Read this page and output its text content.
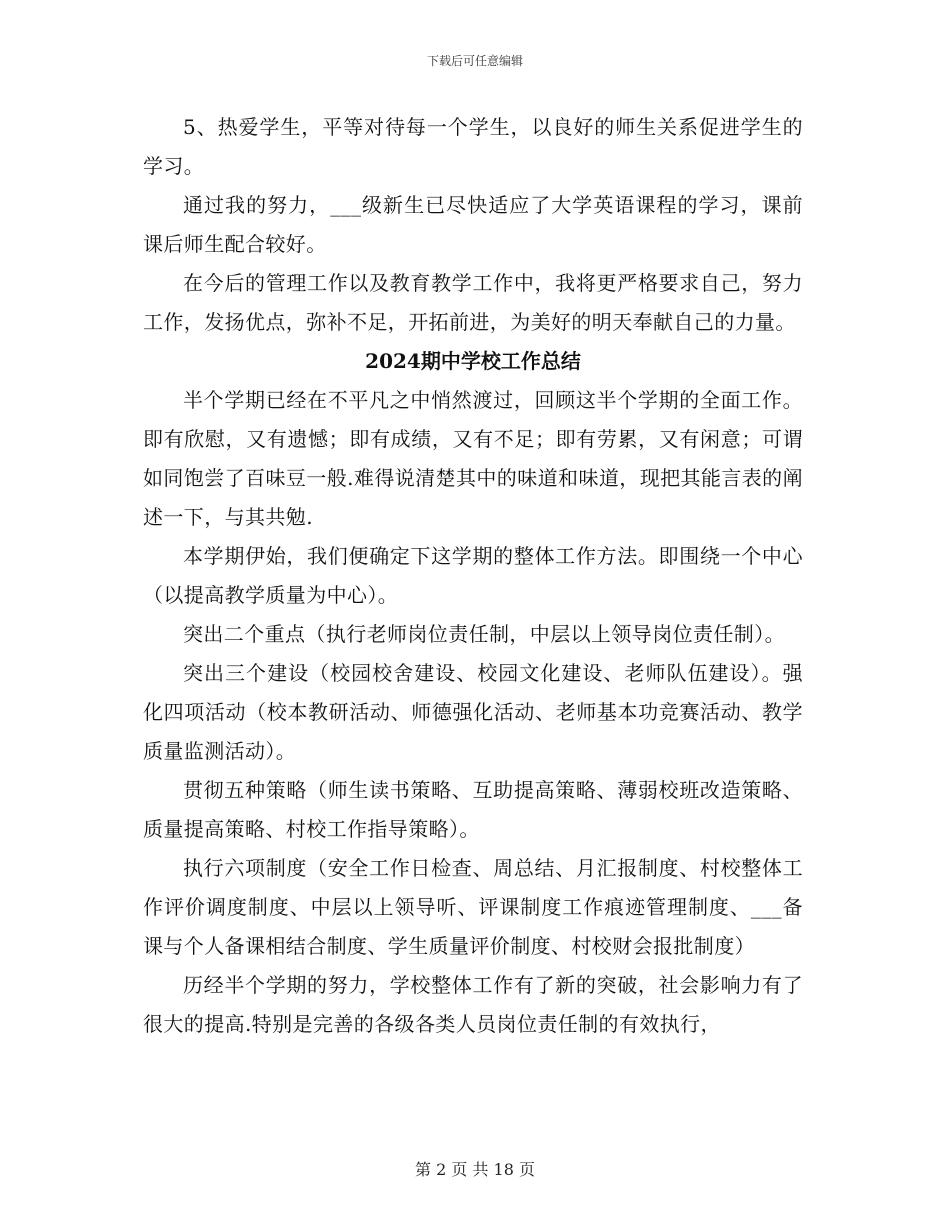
下载后可任意编辑

5、热爱学生，平等对待每一个学生，以良好的师生关系促进学生的学习。

通过我的努力，___级新生已尽快适应了大学英语课程的学习，课前课后师生配合较好。

在今后的管理工作以及教育教学工作中，我将更严格要求自己，努力工作，发扬优点，弥补不足，开拓前进，为美好的明天奉献自己的力量。

2024期中学校工作总结

半个学期已经在不平凡之中悄然渡过，回顾这半个学期的全面工作。即有欣慰，又有遗憾；即有成绩，又有不足；即有劳累，又有闲意；可谓如同饱尝了百味豆一般.难得说清楚其中的味道和味道，现把其能言表的阐述一下，与其共勉.

本学期伊始，我们便确定下这学期的整体工作方法。即围绕一个中心（以提高教学质量为中心）。

突出二个重点（执行老师岗位责任制，中层以上领导岗位责任制）。

突出三个建设（校园校舍建设、校园文化建设、老师队伍建设）。强化四项活动（校本教研活动、师德强化活动、老师基本功竞赛活动、教学质量监测活动）。

贯彻五种策略（师生读书策略、互助提高策略、薄弱校班改造策略、质量提高策略、村校工作指导策略）。

执行六项制度（安全工作日检查、周总结、月汇报制度、村校整体工作评价调度制度、中层以上领导听、评课制度工作痕迹管理制度、___备课与个人备课相结合制度、学生质量评价制度、村校财会报批制度）

历经半个学期的努力，学校整体工作有了新的突破，社会影响力有了很大的提高.特别是完善的各级各类人员岗位责任制的有效执行，

第 2 页 共 18 页
